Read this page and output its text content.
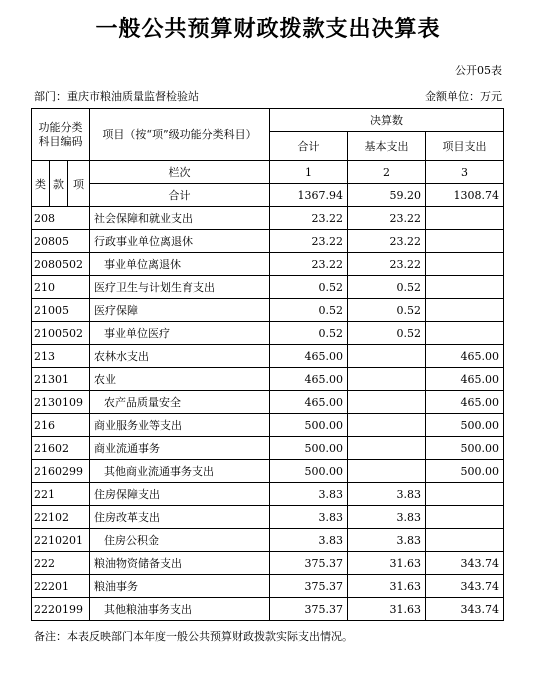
一般公共预算财政拨款支出决算表
公开05表
部门：重庆市粮油质量监督检验站	金额单位：万元
功能分类科目编码			项目（按“项”级功能分类科目）	决算数		
				合计	基本支出	项目支出
类	款	项	栏次	1	2	3
			合计	1367.94	59.20	1308.74
208			社会保障和就业支出	23.22	23.22	
20805			行政事业单位离退休	23.22	23.22	
2080502			事业单位离退休	23.22	23.22	
210			医疗卫生与计划生育支出	0.52	0.52	
21005			医疗保障	0.52	0.52	
2100502			事业单位医疗	0.52	0.52	
213			农林水支出	465.00		465.00
21301			农业	465.00		465.00
2130109			农产品质量安全	465.00		465.00
216			商业服务业等支出	500.00		500.00
21602			商业流通事务	500.00		500.00
2160299			其他商业流通事务支出	500.00		500.00
221			住房保障支出	3.83	3.83	
22102			住房改革支出	3.83	3.83	
2210201			住房公积金	3.83	3.83	
222			粮油物资储备支出	375.37	31.63	343.74
22201			粮油事务	375.37	31.63	343.74
2220199			其他粮油事务支出	375.37	31.63	343.74
备注：本表反映部门本年度一般公共预算财政拨款实际支出情况。
